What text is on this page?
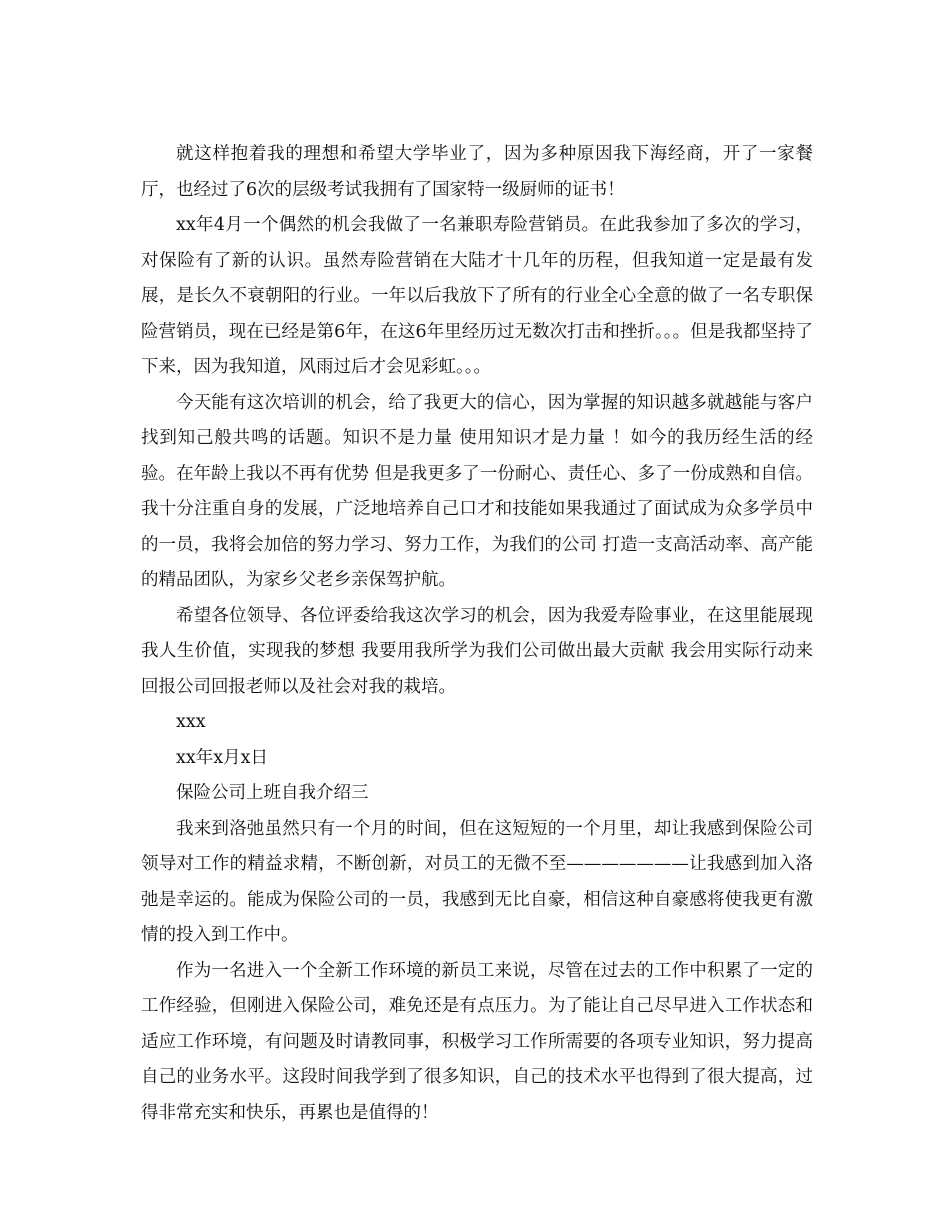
就这样抱着我的理想和希望大学毕业了，因为多种原因我下海经商，开了一家餐厅，也经过了6次的层级考试我拥有了国家特一级厨师的证书！

xx年4月一个偶然的机会我做了一名兼职寿险营销员。在此我参加了多次的学习，对保险有了新的认识。虽然寿险营销在大陆才十几年的历程，但我知道一定是最有发展，是长久不衰朝阳的行业。一年以后我放下了所有的行业全心全意的做了一名专职保险营销员，现在已经是第6年，在这6年里经历过无数次打击和挫折。。。但是我都坚持了下来，因为我知道，风雨过后才会见彩虹。。。

今天能有这次培训的机会，给了我更大的信心，因为掌握的知识越多就越能与客户找到知己般共鸣的话题。知识不是力量 使用知识才是力量 ！如今的我历经生活的经验。在年龄上我以不再有优势 但是我更多了一份耐心、责任心、多了一份成熟和自信。我十分注重自身的发展，广泛地培养自己口才和技能如果我通过了面试成为众多学员中的一员，我将会加倍的努力学习、努力工作，为我们的公司 打造一支高活动率、高产能的精品团队，为家乡父老乡亲保驾护航。

希望各位领导、各位评委给我这次学习的机会，因为我爱寿险事业，在这里能展现我人生价值，实现我的梦想 我要用我所学为我们公司做出最大贡献 我会用实际行动来回报公司回报老师以及社会对我的栽培。

xxx

xx年x月x日

保险公司上班自我介绍三

我来到洛弛虽然只有一个月的时间，但在这短短的一个月里，却让我感到保险公司领导对工作的精益求精，不断创新，对员工的无微不至———————让我感到加入洛弛是幸运的。能成为保险公司的一员，我感到无比自豪，相信这种自豪感将使我更有激情的投入到工作中。

作为一名进入一个全新工作环境的新员工来说，尽管在过去的工作中积累了一定的工作经验，但刚进入保险公司，难免还是有点压力。为了能让自己尽早进入工作状态和适应工作环境，有问题及时请教同事，积极学习工作所需要的各项专业知识，努力提高自己的业务水平。这段时间我学到了很多知识，自己的技术水平也得到了很大提高，过得非常充实和快乐，再累也是值得的！
